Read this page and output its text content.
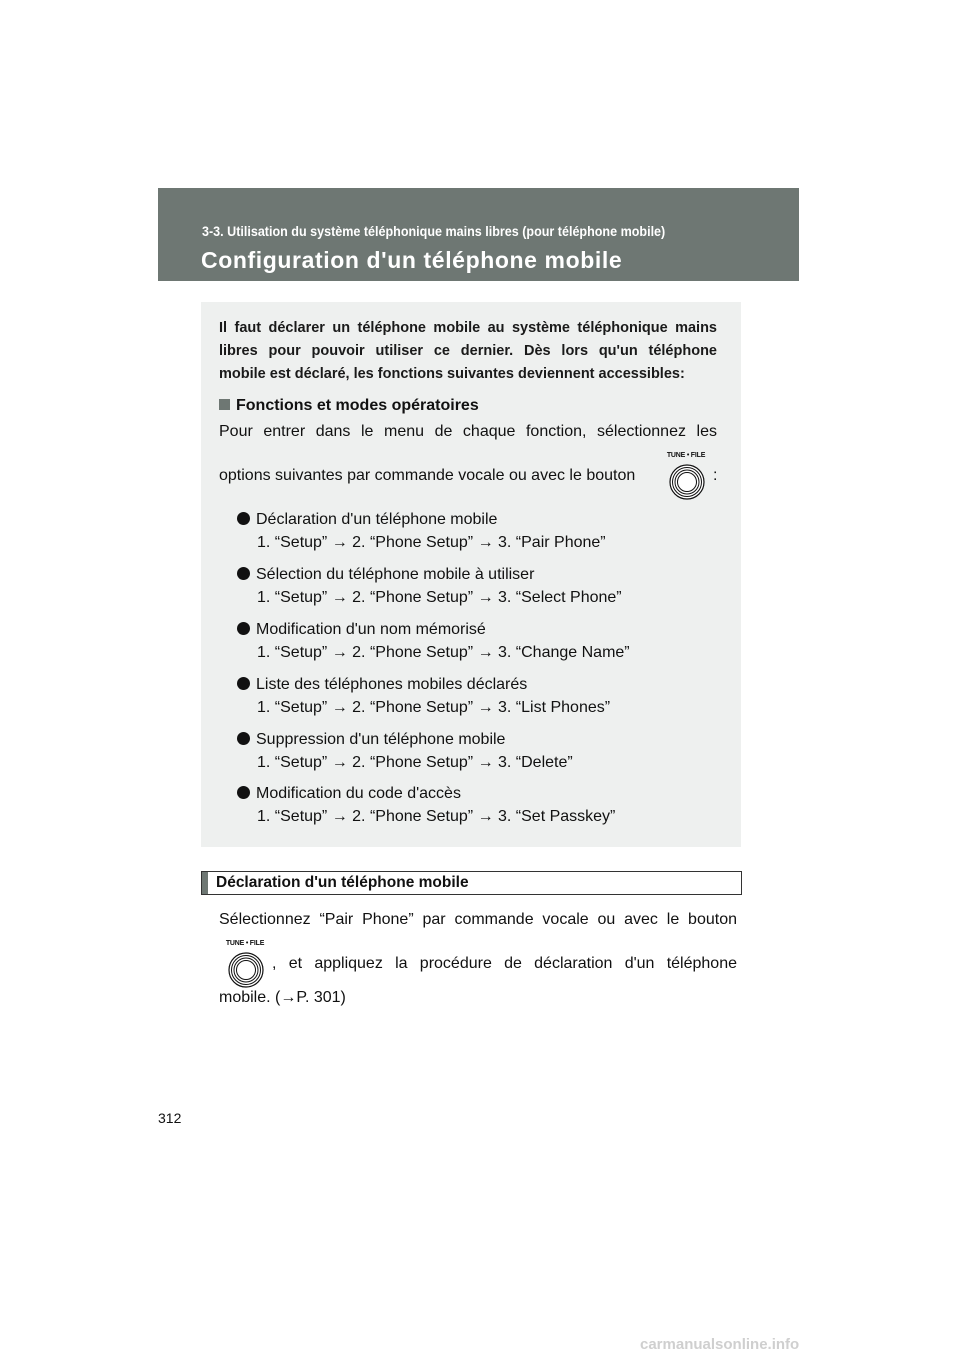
3-3. Utilisation du système téléphonique mains libres (pour téléphone mobile)
Configuration d'un téléphone mobile
Il faut déclarer un téléphone mobile au système téléphonique mains
libres pour pouvoir utiliser ce dernier. Dès lors qu'un téléphone
mobile est déclaré, les fonctions suivantes deviennent accessibles:
Fonctions et modes opératoires
Pour entrer dans le menu de chaque fonction, sélectionnez les
options suivantes par commande vocale ou avec le bouton	:
TUNE • FILE
Déclaration d'un téléphone mobile
1. “Setup” → 2. “Phone Setup” → 3. “Pair Phone”
Sélection du téléphone mobile à utiliser
1. “Setup” → 2. “Phone Setup” → 3. “Select Phone”
Modification d'un nom mémorisé
1. “Setup” → 2. “Phone Setup” → 3. “Change Name”
Liste des téléphones mobiles déclarés
1. “Setup” → 2. “Phone Setup” → 3. “List Phones”
Suppression d'un téléphone mobile
1. “Setup” → 2. “Phone Setup” → 3. “Delete”
Modification du code d'accès
1. “Setup” → 2. “Phone Setup” → 3. “Set Passkey”
Déclaration d'un téléphone mobile
Sélectionnez “Pair Phone” par commande vocale ou avec le bouton
TUNE • FILE
, et appliquez la procédure de déclaration d'un téléphone
mobile. (→P. 301)
312
carmanualsonline.info
